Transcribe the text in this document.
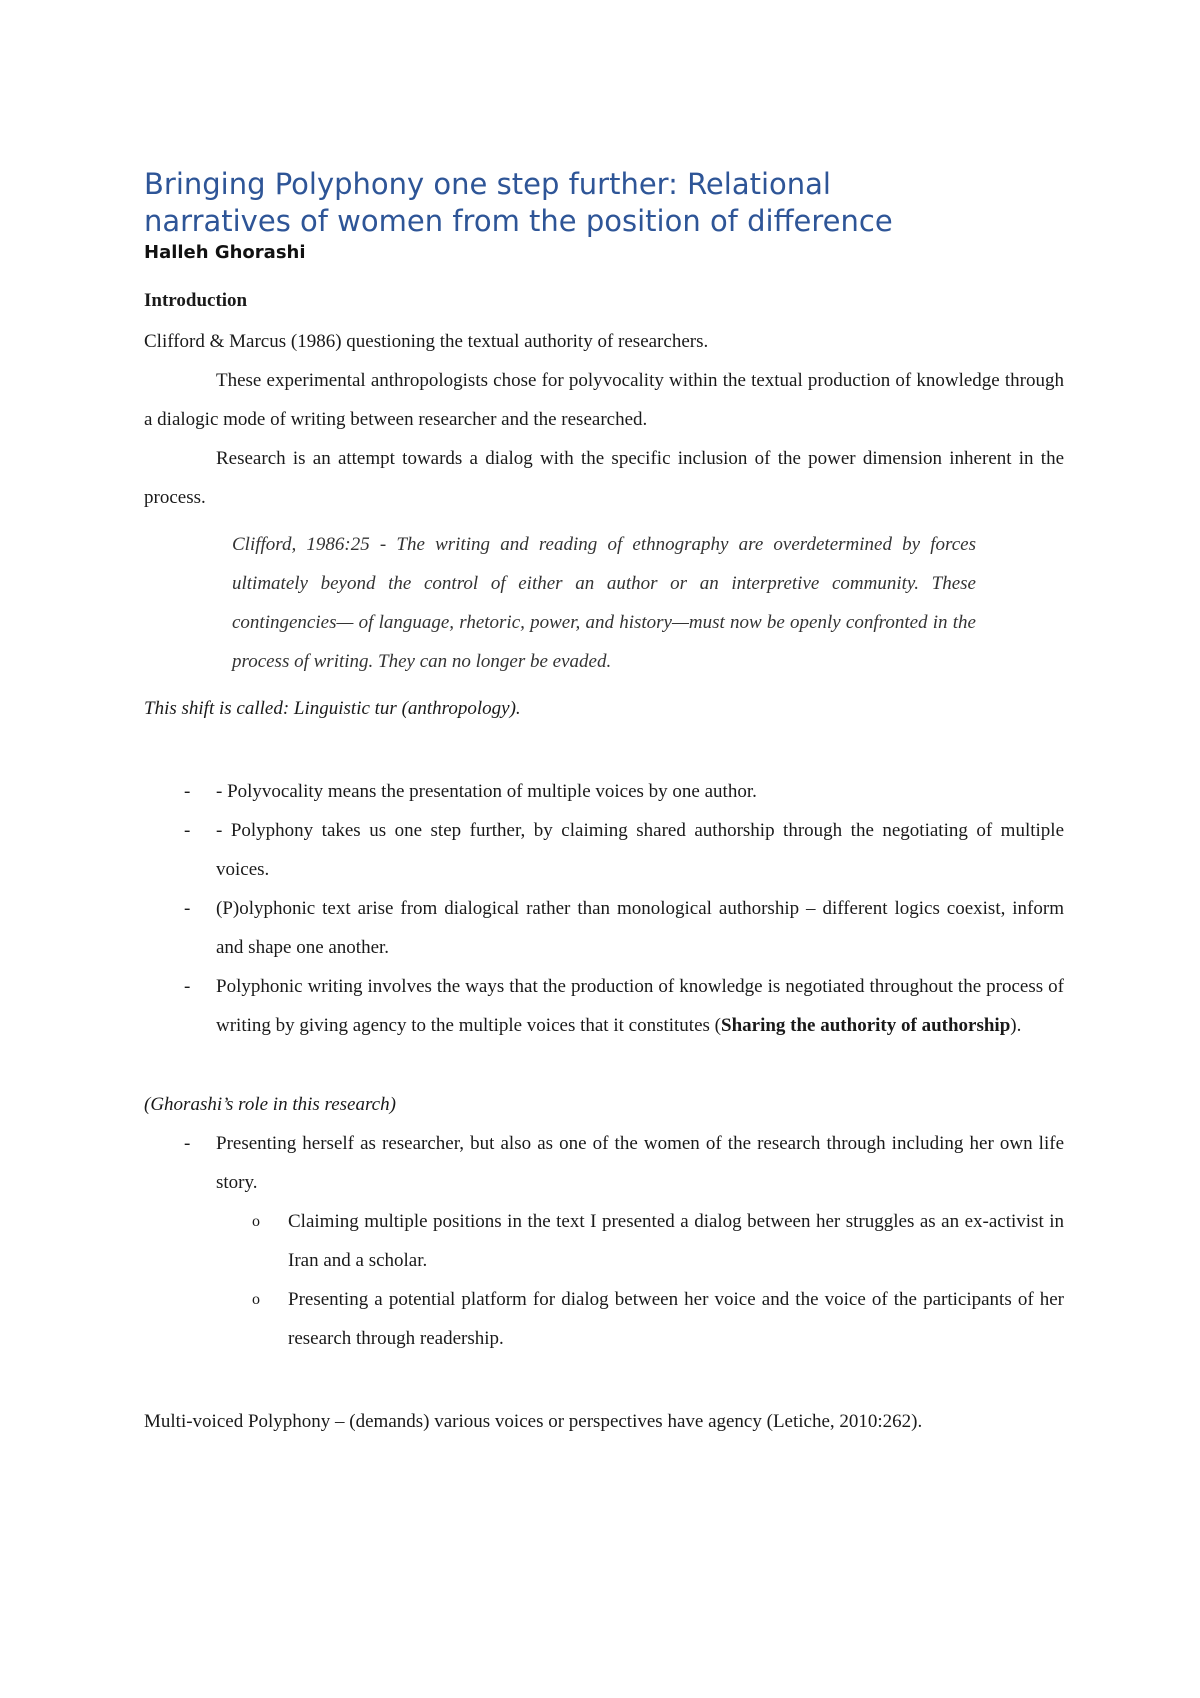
Bringing Polyphony one step further: Relational
narratives of women from the position of difference
Halleh Ghorashi
Introduction

Clifford & Marcus (1986) questioning the textual authority of researchers.

These experimental anthropologists chose for polyvocality within the textual production of knowledge through a dialogic mode of writing between researcher and the researched.

Research is an attempt towards a dialog with the specific inclusion of the power dimension inherent in the process.

Clifford, 1986:25 - The writing and reading of ethnography are overdetermined by forces ultimately beyond the control of either an author or an interpretive community. These contingencies— of language, rhetoric, power, and history—must now be openly confronted in the process of writing. They can no longer be evaded.

This shift is called: Linguistic tur (anthropology).

- - Polyvocality means the presentation of multiple voices by one author.
- - Polyphony takes us one step further, by claiming shared authorship through the negotiating of multiple voices.
- (P)olyphonic text arise from dialogical rather than monological authorship – different logics coexist, inform and shape one another.
- Polyphonic writing involves the ways that the production of knowledge is negotiated throughout the process of writing by giving agency to the multiple voices that it constitutes (Sharing the authority of authorship).

(Ghorashi’s role in this research)

- Presenting herself as researcher, but also as one of the women of the research through including her own life story.
o Claiming multiple positions in the text I presented a dialog between her struggles as an ex-activist in Iran and a scholar.
o Presenting a potential platform for dialog between her voice and the voice of the participants of her research through readership.

Multi-voiced Polyphony – (demands) various voices or perspectives have agency (Letiche, 2010:262).
